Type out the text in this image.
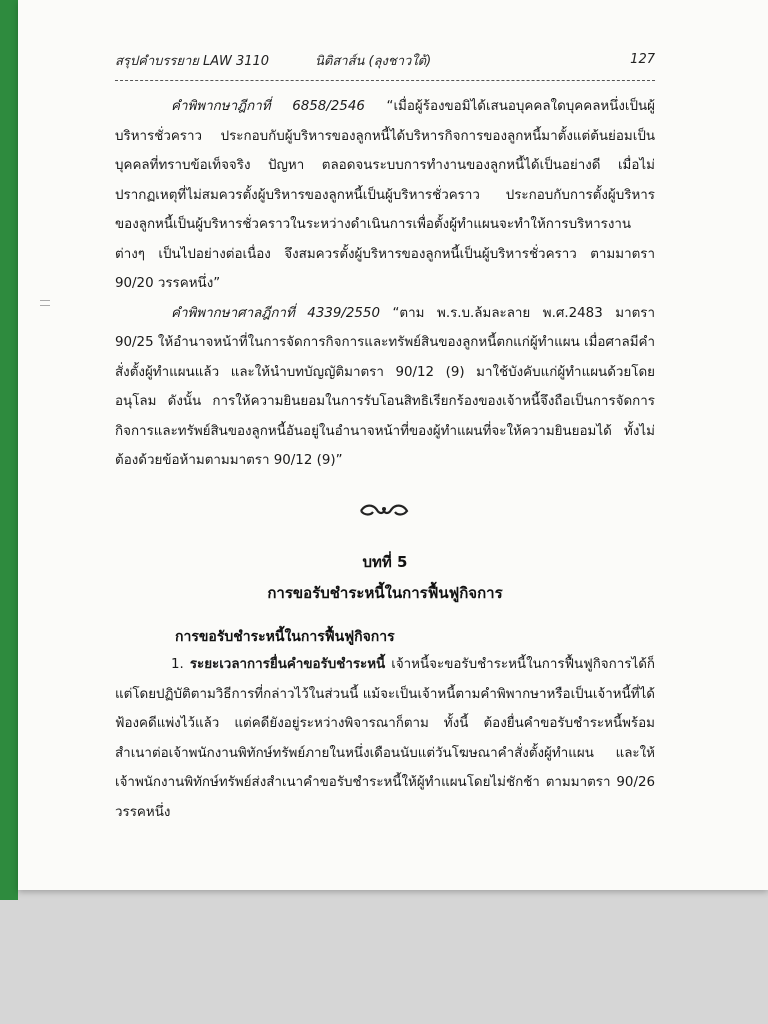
สรุปคำบรรยาย LAW 3110	นิติสาส์น (ลุงชาวใต้)	127

คำพิพากษาฎีกาที่ 6858/2546 “เมื่อผู้ร้องขอมิได้เสนอบุคคลใดบุคคลหนึ่งเป็นผู้บริหารชั่วคราว ประกอบกับผู้บริหารของลูกหนี้ได้บริหารกิจการของลูกหนี้มาตั้งแต่ต้นย่อมเป็นบุคคลที่ทราบข้อเท็จจริง ปัญหา ตลอดจนระบบการทำงานของลูกหนี้ได้เป็นอย่างดี เมื่อไม่ปรากฏเหตุที่ไม่สมควรตั้งผู้บริหารของลูกหนี้เป็นผู้บริหารชั่วคราว ประกอบกับการตั้งผู้บริหารของลูกหนี้เป็นผู้บริหารชั่วคราวในระหว่างดำเนินการเพื่อตั้งผู้ทำแผนจะทำให้การบริหารงานต่างๆ เป็นไปอย่างต่อเนื่อง จึงสมควรตั้งผู้บริหารของลูกหนี้เป็นผู้บริหารชั่วคราว ตามมาตรา 90/20 วรรคหนึ่ง”

คำพิพากษาศาลฎีกาที่ 4339/2550 “ตาม พ.ร.บ.ล้มละลาย พ.ศ.2483 มาตรา 90/25 ให้อำนาจหน้าที่ในการจัดการกิจการและทรัพย์สินของลูกหนี้ตกแก่ผู้ทำแผน เมื่อศาลมีคำสั่งตั้งผู้ทำแผนแล้ว และให้นำบทบัญญัติมาตรา 90/12 (9) มาใช้บังคับแก่ผู้ทำแผนด้วยโดยอนุโลม ดังนั้น การให้ความยินยอมในการรับโอนสิทธิเรียกร้องของเจ้าหนี้จึงถือเป็นการจัดการกิจการและทรัพย์สินของลูกหนี้อันอยู่ในอำนาจหน้าที่ของผู้ทำแผนที่จะให้ความยินยอมได้ ทั้งไม่ต้องด้วยข้อห้ามตามมาตรา 90/12 (9)”

บทที่ 5
การขอรับชำระหนี้ในการฟื้นฟูกิจการ
การขอรับชำระหนี้ในการฟื้นฟูกิจการ

1. ระยะเวลาการยื่นคำขอรับชำระหนี้ เจ้าหนี้จะขอรับชำระหนี้ในการฟื้นฟูกิจการได้ก็แต่โดยปฏิบัติตามวิธีการที่กล่าวไว้ในส่วนนี้ แม้จะเป็นเจ้าหนี้ตามคำพิพากษาหรือเป็นเจ้าหนี้ที่ได้ฟ้องคดีแพ่งไว้แล้ว แต่คดียังอยู่ระหว่างพิจารณาก็ตาม ทั้งนี้ ต้องยื่นคำขอรับชำระหนี้พร้อมสำเนาต่อเจ้าพนักงานพิทักษ์ทรัพย์ภายในหนึ่งเดือนนับแต่วันโฆษณาคำสั่งตั้งผู้ทำแผน และให้เจ้าพนักงานพิทักษ์ทรัพย์ส่งสำเนาคำขอรับชำระหนี้ให้ผู้ทำแผนโดยไม่ชักช้า ตามมาตรา 90/26 วรรคหนึ่ง
